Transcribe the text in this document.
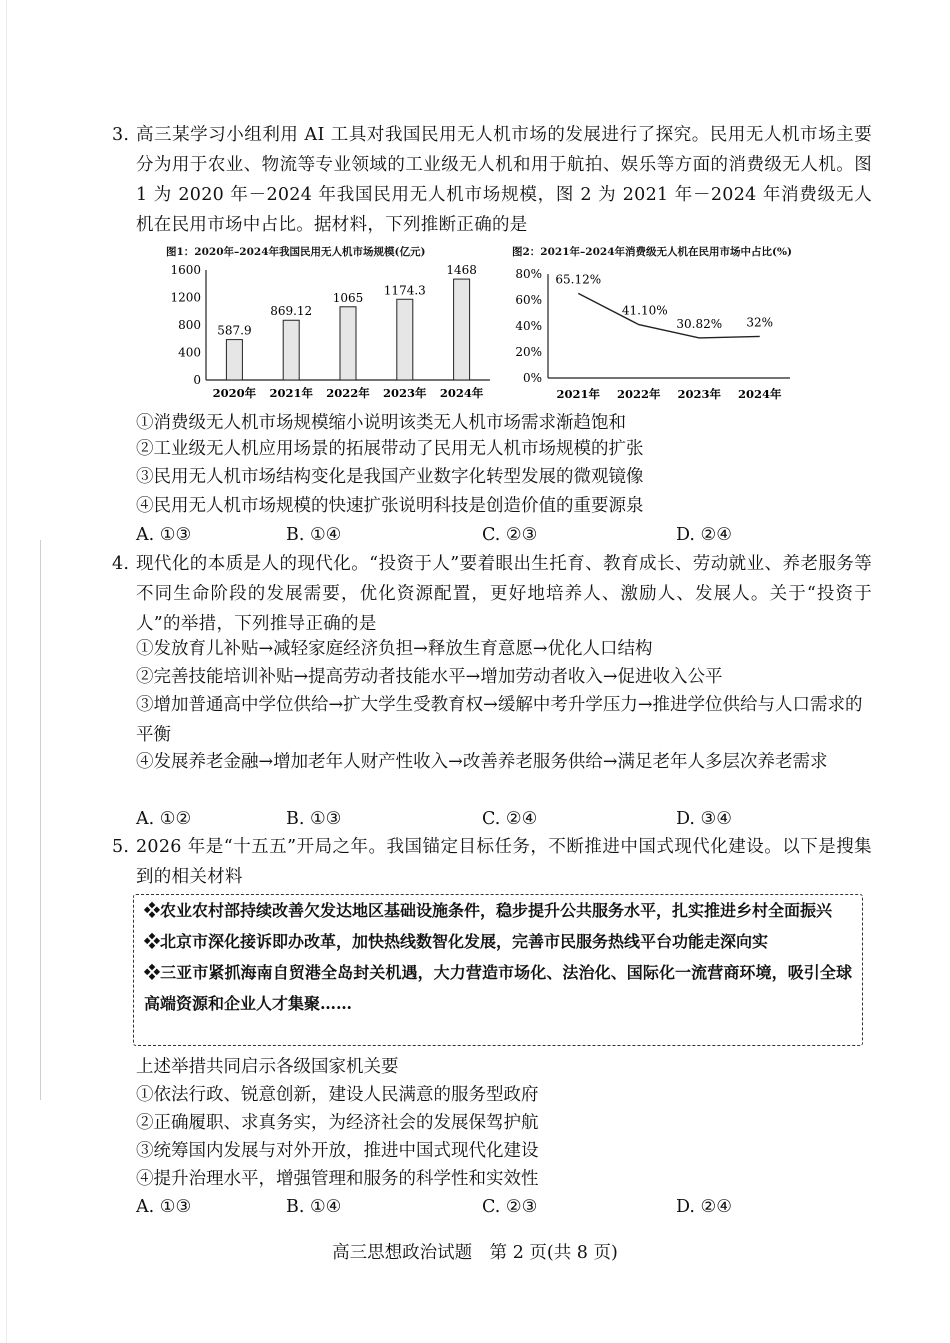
3. 高三某学习小组利用 AI 工具对我国民用无人机市场的发展进行了探究。民用无人机市场主要分为用于农业、物流等专业领域的工业级无人机和用于航拍、娱乐等方面的消费级无人机。图 1 为 2020 年－2024 年我国民用无人机市场规模，图 2 为 2021 年－2024 年消费级无人机在民用市场中占比。据材料，下列推断正确的是
图1：2020年–2024年我国民用无人机市场规模(亿元)
0
400
800
1200
1600
587.9
2020年
869.12
2021年
1065
2022年
1174.3
2023年
1468
2024年
图2：2021年–2024年消费级无人机在民用市场中占比(%)
0%
20%
40%
60%
80% 65.12%
2021年
41.10%
2022年
30.82%
2023年
32%
2024年
①消费级无人机市场规模缩小说明该类无人机市场需求渐趋饱和
②工业级无人机应用场景的拓展带动了民用无人机市场规模的扩张
③民用无人机市场结构变化是我国产业数字化转型发展的微观镜像
④民用无人机市场规模的快速扩张说明科技是创造价值的重要源泉
A. ①③	B. ①④	C. ②③	D. ②④
4. 现代化的本质是人的现代化。“投资于人”要着眼出生托育、教育成长、劳动就业、养老服务等不同生命阶段的发展需要，优化资源配置，更好地培养人、激励人、发展人。关于“投资于人”的举措，下列推导正确的是
①发放育儿补贴→减轻家庭经济负担→释放生育意愿→优化人口结构
②完善技能培训补贴→提高劳动者技能水平→增加劳动者收入→促进收入公平
③增加普通高中学位供给→扩大学生受教育权→缓解中考升学压力→推进学位供给与人口需求的平衡
④发展养老金融→增加老年人财产性收入→改善养老服务供给→满足老年人多层次养老需求
A. ①②	B. ①③	C. ②④	D. ③④
5. 2026 年是“十五五”开局之年。我国锚定目标任务，不断推进中国式现代化建设。以下是搜集到的相关材料

❖农业农村部持续改善欠发达地区基础设施条件，稳步提升公共服务水平，扎实推进乡村全面振兴

❖北京市深化接诉即办改革，加快热线数智化发展，完善市民服务热线平台功能走深向实

❖三亚市紧抓海南自贸港全岛封关机遇，大力营造市场化、法治化、国际化一流营商环境，吸引全球高端资源和企业人才集聚……

上述举措共同启示各级国家机关要
①依法行政、锐意创新，建设人民满意的服务型政府
②正确履职、求真务实，为经济社会的发展保驾护航
③统筹国内发展与对外开放，推进中国式现代化建设
④提升治理水平，增强管理和服务的科学性和实效性
A. ①③	B. ①④	C. ②③	D. ②④
高三思想政治试题　第 2 页(共 8 页)
